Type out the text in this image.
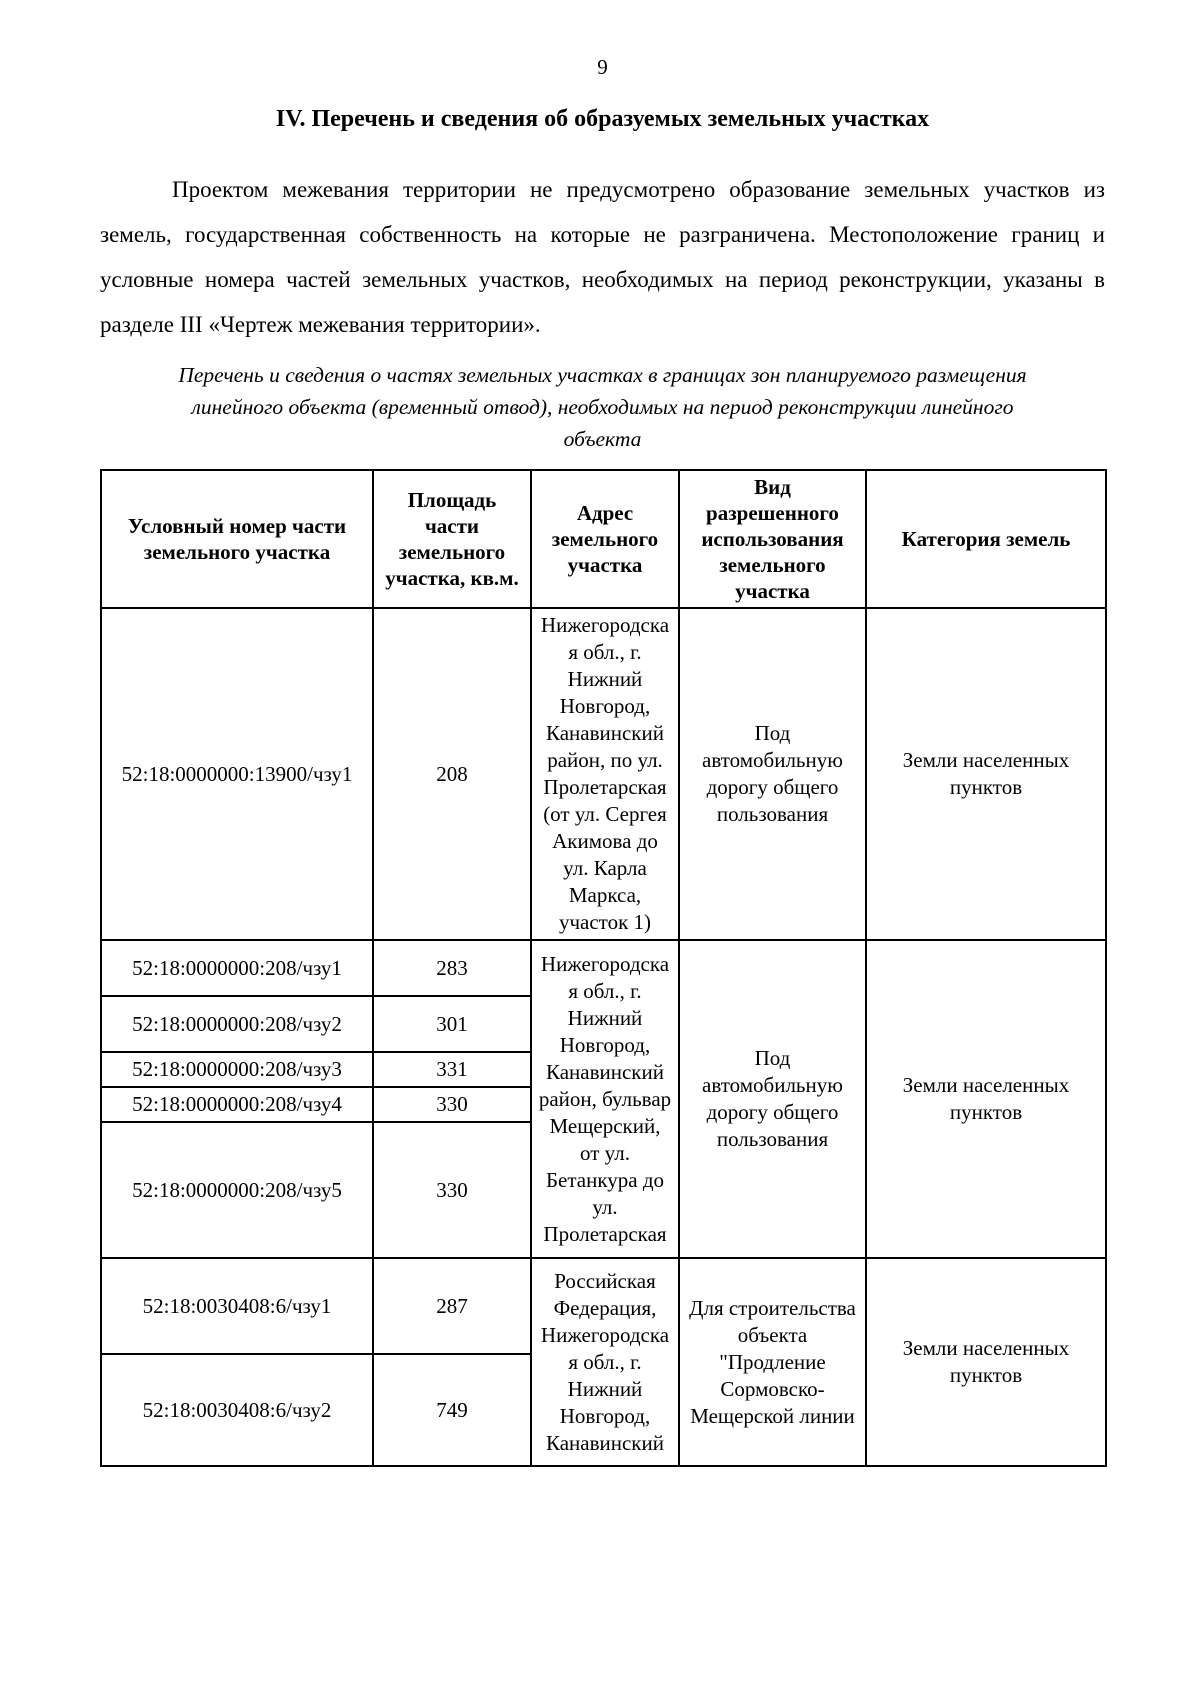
9
IV. Перечень и сведения об образуемых земельных участках

Проектом межевания территории не предусмотрено образование земельных участков из земель, государственная собственность на которые не разграничена. Местоположение границ и условные номера частей земельных участков, необходимых на период реконструкции, указаны в разделе III «Чертеж межевания территории».

Перечень и сведения о частях земельных участках в границах зон планируемого размещения линейного объекта (временный отвод), необходимых на период реконструкции линейного объекта
Условный номер части земельного участка	Площадь части земельного участка, кв.м.	Адрес земельного участка	Вид разрешенного использования земельного участка	Категория земель
52:18:0000000:13900/чзу1	208	Нижегородская обл., г. Нижний Новгород, Канавинский район, по ул. Пролетарская (от ул. Сергея Акимова до ул. Карла Маркса, участок 1)	Под автомобильную дорогу общего пользования	Земли населенных пунктов
52:18:0000000:208/чзу1	283	Нижегородская обл., г. Нижний Новгород, Канавинский район, бульвар Мещерский, от ул. Бетанкура до ул. Пролетарская	Под автомобильную дорогу общего пользования	Земли населенных пунктов
52:18:0000000:208/чзу2	301			
52:18:0000000:208/чзу3	331			
52:18:0000000:208/чзу4	330			
52:18:0000000:208/чзу5	330			
52:18:0030408:6/чзу1	287	Российская Федерация, Нижегородская обл., г. Нижний Новгород, Канавинский	Для строительства объекта "Продление Сормовско-Мещерской линии	Земли населенных пунктов
52:18:0030408:6/чзу2	749			
